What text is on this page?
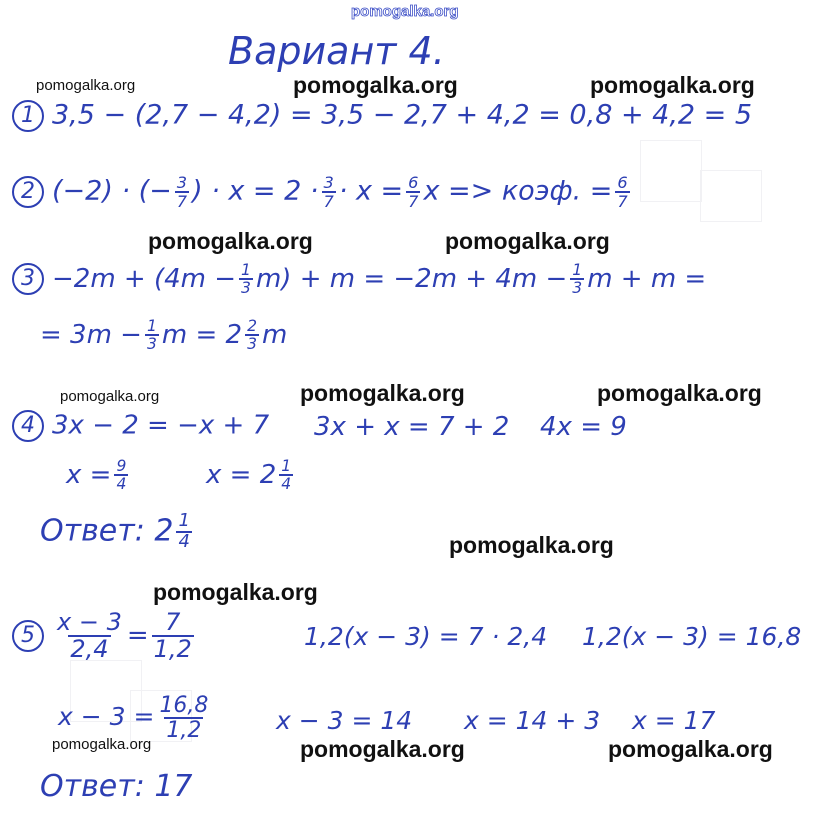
pomogalka.org
pomogalka.org	pomogalka.org	pomogalka.org
pomogalka.org	pomogalka.org
pomogalka.org	pomogalka.org	pomogalka.org
pomogalka.org
pomogalka.org
pomogalka.org	pomogalka.org	pomogalka.org
Вариант 4.
1 3,5 − (2,7 − 4,2) = 3,5 − 2,7 + 4,2 = 0,8 + 4,2 = 5
2 (−2) · (− $\frac{3}{7}$ ) · $x = 2 \cdot \frac{3}{7} \cdot x = \frac{6}{7}$ x => коэф. = $\frac{6}{7}$
$3 -2m + (4m - \frac{1}{3} m) + m = -2m + 4m - \frac{1}{3}$ m + m =
= $3m - \frac{1}{3}$ $m = 2 \frac{2}{3}$ m
4 3x − 2 = −x + 7 3x + x = 7 + 2 4x = 9
$x = \frac{9}{4}$	$x = 2 \frac{1}{4}$
Ответ: $2 \frac{1}{4}$
$5 \frac{x - 3}{2,4} = \frac{7}{1,2}$	1,2(x − 3) = 7 · 2,4 1,2(x − 3) = 16,8
$x - 3 = \frac{16,8}{1,2}$	x − 3 = 14 x = 14 + 3 x = 17
Ответ: 17
